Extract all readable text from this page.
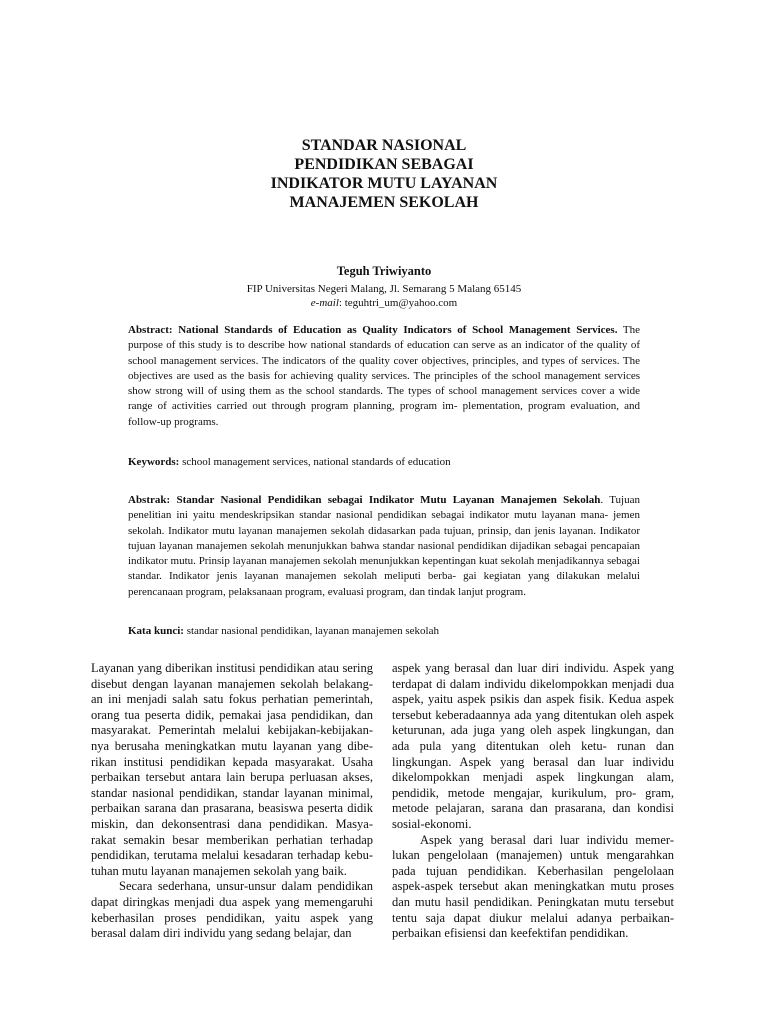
STANDAR NASIONAL
PENDIDIKAN SEBAGAI
INDIKATOR MUTU LAYANAN
MANAJEMEN SEKOLAH
Teguh Triwiyanto
FIP Universitas Negeri Malang, Jl. Semarang 5 Malang 65145
e-mail: teguhtri_um@yahoo.com
Abstract: National Standards of Education as Quality Indicators of School Management Services. The purpose of this study is to describe how national standards of education can serve as an indicator of the quality of school management services. The indicators of the quality cover objectives, principles, and types of services. The objectives are used as the basis for achieving quality services. The principles of the school management services show strong will of using them as the school standards. The types of school management services cover a wide range of activities carried out through program planning, program im- plementation, program evaluation, and follow-up programs.
Keywords: school management services, national standards of education
Abstrak: Standar Nasional Pendidikan sebagai Indikator Mutu Layanan Manajemen Sekolah. Tujuan penelitian ini yaitu mendeskripsikan standar nasional pendidikan sebagai indikator mutu layanan mana- jemen sekolah. Indikator mutu layanan manajemen sekolah didasarkan pada tujuan, prinsip, dan jenis layanan. Indikator tujuan layanan manajemen sekolah menunjukkan bahwa standar nasional pendidikan dijadikan sebagai pencapaian indikator mutu. Prinsip layanan manajemen sekolah menunjukkan kepentingan kuat sekolah menjadikannya sebagai standar. Indikator jenis layanan manajemen sekolah meliputi berba- gai kegiatan yang dilakukan melalui perencanaan program, pelaksanaan program, evaluasi program, dan tindak lanjut program.
Kata kunci: standar nasional pendidikan, layanan manajemen sekolah

Layanan yang diberikan institusi pendidikan atau sering disebut dengan layanan manajemen sekolah belakang- an ini menjadi salah satu fokus perhatian pemerintah, orang tua peserta didik, pemakai jasa pendidikan, dan masyarakat. Pemerintah melalui kebijakan-kebijakan- nya berusaha meningkatkan mutu layanan yang dibe- rikan institusi pendidikan kepada masyarakat. Usaha perbaikan tersebut antara lain berupa perluasan akses, standar nasional pendidikan, standar layanan minimal, perbaikan sarana dan prasarana, beasiswa peserta didik miskin, dan dekonsentrasi dana pendidikan. Masya- rakat semakin besar memberikan perhatian terhadap pendidikan, terutama melalui kesadaran terhadap kebu- tuhan mutu layanan manajemen sekolah yang baik.

Secara sederhana, unsur-unsur dalam pendidikan dapat diringkas menjadi dua aspek yang memengaruhi keberhasilan proses pendidikan, yaitu aspek yang berasal dalam diri individu yang sedang belajar, dan

aspek yang berasal dan luar diri individu. Aspek yang terdapat di dalam individu dikelompokkan menjadi dua aspek, yaitu aspek psikis dan aspek fisik. Kedua aspek tersebut keberadaannya ada yang ditentukan oleh aspek keturunan, ada juga yang oleh aspek lingkungan, dan ada pula yang ditentukan oleh ketu- runan dan lingkungan. Aspek yang berasal dan luar individu dikelompokkan menjadi aspek lingkungan alam, pendidik, metode mengajar, kurikulum, pro- gram, metode pelajaran, sarana dan prasarana, dan kondisi sosial-ekonomi.

Aspek yang berasal dari luar individu memer- lukan pengelolaan (manajemen) untuk mengarahkan pada tujuan pendidikan. Keberhasilan pengelolaan aspek-aspek tersebut akan meningkatkan mutu proses dan mutu hasil pendidikan. Peningkatan mutu tersebut tentu saja dapat diukur melalui adanya perbaikan- perbaikan efisiensi dan keefektifan pendidikan.
